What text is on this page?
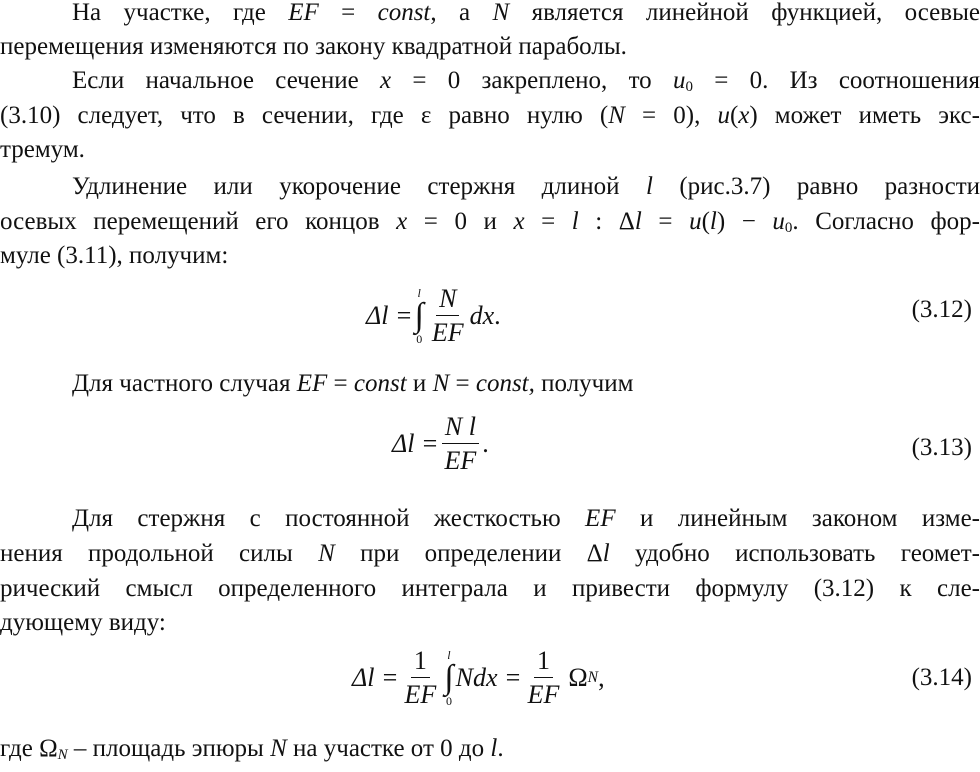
На участке, где EF = const, а N является линейной функцией, осевые
перемещения изменяются по закону квадратной параболы.
Если начальное сечение x = 0 закреплено, то $u_0 = 0$. Из соотношения
(3.10) следует, что в сечении, где ε равно нулю (N = 0), u(x) может иметь экс-
тремум.
Удлинение или укорочение стержня длиной l (рис.3.7) равно разности
осевых перемещений его концов x = 0 и x = l : $\Delta l = u(l) - u_0$. Согласно фор-
муле (3.11), получим:
Δl =
l
∫
$0 \frac{N}{EF}$ dx .	(3.12)
Для частного случая EF = const и N = const, получим
$\Delta l = \frac{\text{N l}}{EF}$ .	(3.13)
Для стержня с постоянной жесткостью EF и линейным законом изме-
нения продольной силы N при определении Δl удобно использовать геомет-
рический смысл определенного интеграла и привести формулу (3.12) к сле-
дующему виду:
$\Delta l = \frac{1}{EF}$ l
∫
0
Ndx = $\frac{1}{EF}$ Ω N ,	(3.14)
где $\Omega_N$ – площадь эпюры N на участке от 0 до l.
